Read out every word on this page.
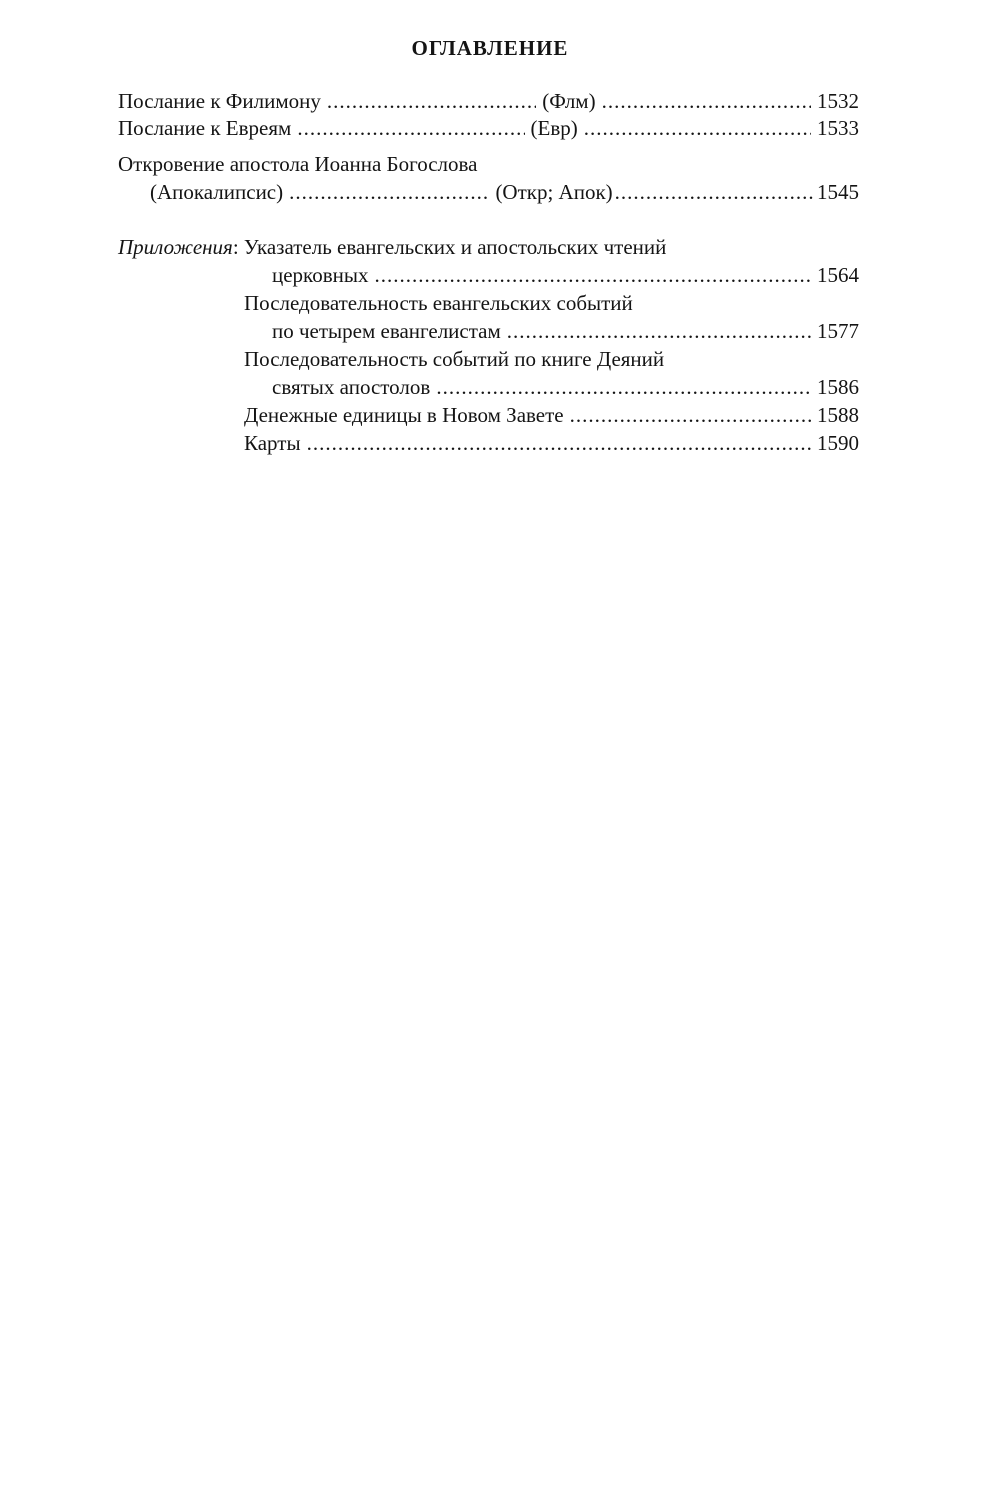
ОГЛАВЛЕНИЕ
Послание к Филимону .....	(Флм) .....	1532
Послание к Евреям .....	(Евр) .....	1533
Откровение апостола Иоанна Богослова
(Апокалипсис) .....	(Откр; Апок) .....	1545
Приложения: Указатель евангельских и апостольских чтений
церковных .....	1564
Последовательность евангельских событий
по четырем евангелистам .....	1577
Последовательность событий по книге Деяний
святых апостолов .....	1586
Денежные единицы в Новом Завете .....	1588
Карты .....	1590
